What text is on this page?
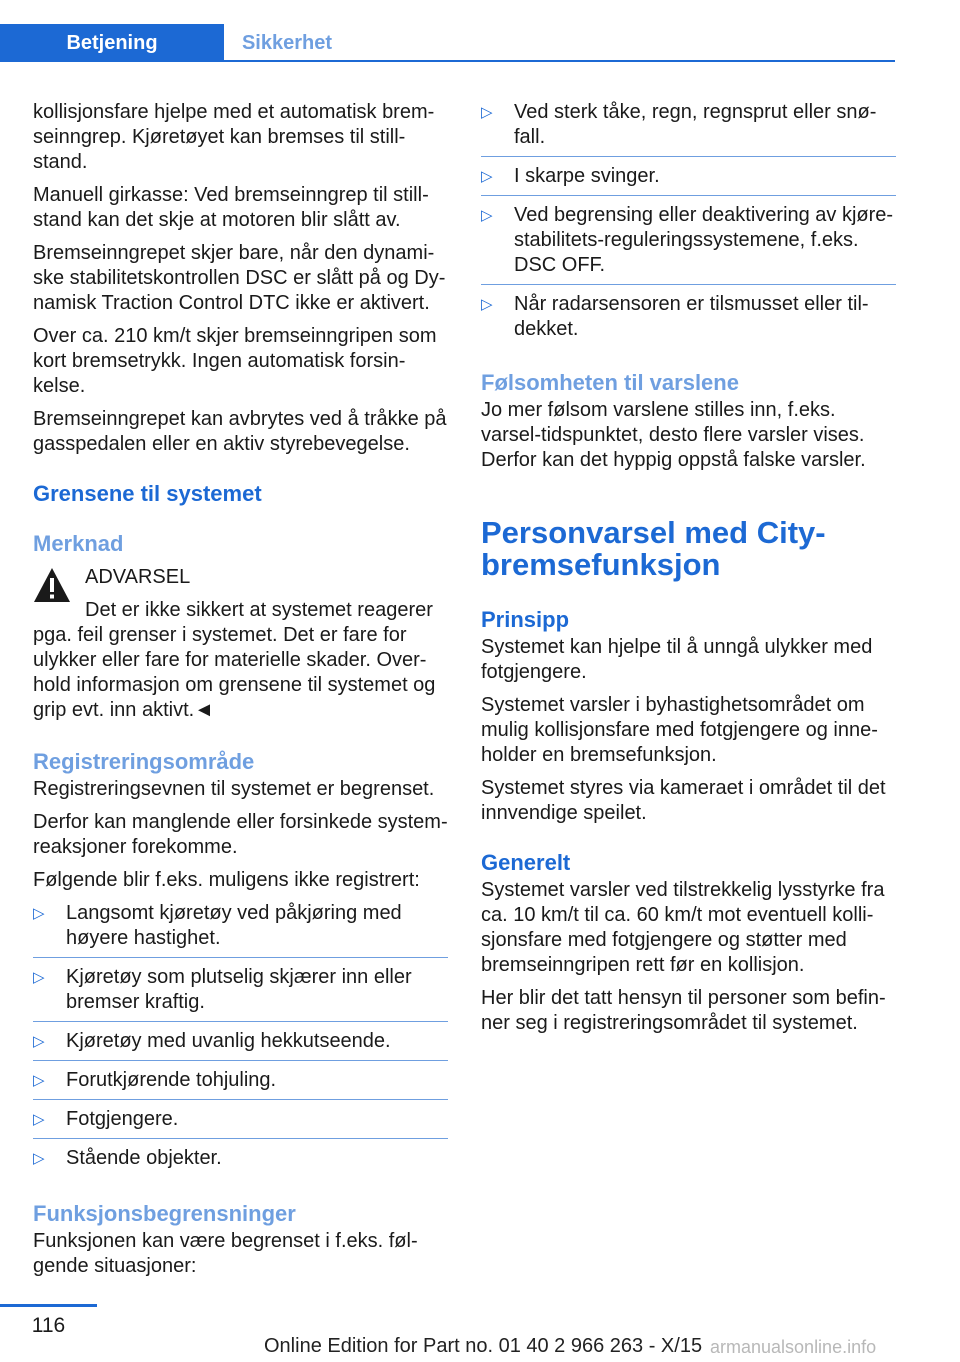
Betjening	Sikkerhet

kollisjonsfare hjelpe med et automatisk brem-seinngrep. Kjøretøyet kan bremses til still-stand.

Manuell girkasse: Ved bremseinngrep til still-stand kan det skje at motoren blir slått av.

Bremseinngrepet skjer bare, når den dynami-ske stabilitetskontrollen DSC er slått på og Dy-namisk Traction Control DTC ikke er aktivert.

Over ca. 210 km/t skjer bremseinngripen som kort bremsetrykk. Ingen automatisk forsin-kelse.

Bremseinngrepet kan avbrytes ved å tråkke på gasspedalen eller en aktiv styrebevegelse.

Grensene til systemet
Merknad

ADVARSEL

Det er ikke sikkert at systemet reagerer

pga. feil grenser i systemet. Det er fare for ulykker eller fare for materielle skader. Over-hold informasjon om grensene til systemet og grip evt. inn aktivt.◄

Registreringsområde

Registreringsevnen til systemet er begrenset.

Derfor kan manglende eller forsinkede system-reaksjoner forekomme.

Følgende blir f.eks. muligens ikke registrert:

▷ Langsomt kjøretøy ved påkjøring med høyere hastighet.
▷ Kjøretøy som plutselig skjærer inn eller bremser kraftig.
▷ Kjøretøy med uvanlig hekkutseende.
▷ Forutkjørende tohjuling.
▷ Fotgjengere.
▷ Stående objekter.
Funksjonsbegrensninger

Funksjonen kan være begrenset i f.eks. føl-gende situasjoner:

▷ Ved sterk tåke, regn, regnsprut eller snø-fall.
▷ I skarpe svinger.
▷ Ved begrensing eller deaktivering av kjøre-stabilitets-reguleringssystemene, f.eks. DSC OFF.
▷ Når radarsensoren er tilsmusset eller til-dekket.
Følsomheten til varslene

Jo mer følsom varslene stilles inn, f.eks. varsel-tidspunktet, desto flere varsler vises. Derfor kan det hyppig oppstå falske varsler.

Personvarsel med City-bremsefunksjon
Prinsipp

Systemet kan hjelpe til å unngå ulykker med fotgjengere.

Systemet varsler i byhastighetsområdet om mulig kollisjonsfare med fotgjengere og inne-holder en bremsefunksjon.

Systemet styres via kameraet i området til det innvendige speilet.

Generelt

Systemet varsler ved tilstrekkelig lysstyrke fra ca. 10 km/t til ca. 60 km/t mot eventuell kolli-sjonsfare med fotgjengere og støtter med bremseinngripen rett før en kollisjon.

Her blir det tatt hensyn til personer som befin-ner seg i registreringsområdet til systemet.

116
Online Edition for Part no. 01 40 2 966 263 - X/15 armanualsonline.info
